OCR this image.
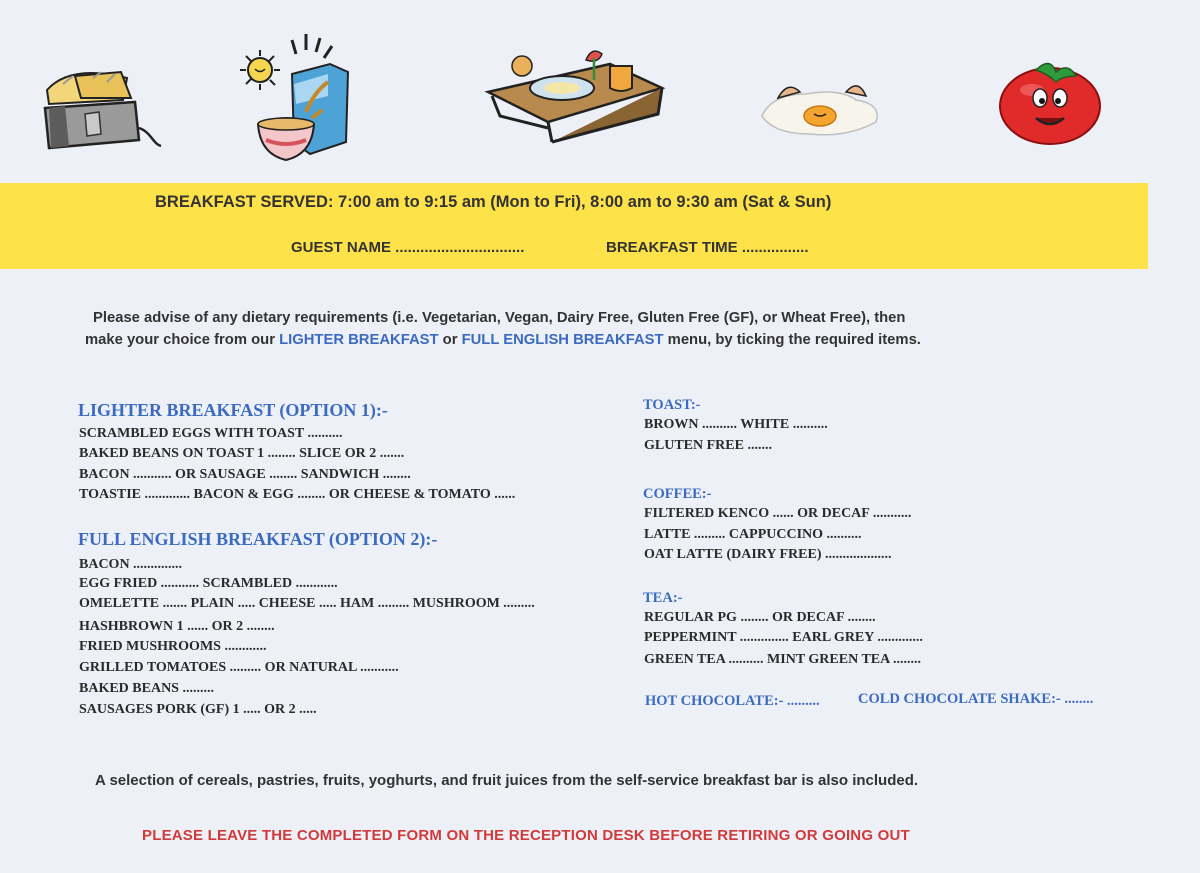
BREAKFAST SERVED: 7:00 am to 9:15 am (Mon to Fri), 8:00 am to 9:30 am (Sat & Sun)
GUEST NAME ...............................	BREAKFAST TIME ................
Please advise of any dietary requirements (i.e. Vegetarian, Vegan, Dairy Free, Gluten Free (GF), or Wheat Free), then
make your choice from our LIGHTER BREAKFAST or FULL ENGLISH BREAKFAST menu, by ticking the required items.
LIGHTER BREAKFAST (OPTION 1):-
SCRAMBLED EGGS WITH TOAST ..........
BAKED BEANS ON TOAST 1 ........ SLICE OR 2 .......
BACON ........... OR SAUSAGE ........ SANDWICH ........
TOASTIE ............. BACON & EGG ........ OR CHEESE & TOMATO ......
FULL ENGLISH BREAKFAST (OPTION 2):-
BACON ..............
EGG FRIED ........... SCRAMBLED ............
OMELETTE ....... PLAIN ..... CHEESE ..... HAM ......... MUSHROOM .........
HASHBROWN 1 ...... OR 2 ........
FRIED MUSHROOMS ............
GRILLED TOMATOES ......... OR NATURAL ...........
BAKED BEANS .........
SAUSAGES PORK (GF) 1 ..... OR 2 .....
TOAST:-
BROWN .......... WHITE ..........
GLUTEN FREE .......
COFFEE:-
FILTERED KENCO ...... OR DECAF ...........
LATTE ......... CAPPUCCINO ..........
OAT LATTE (DAIRY FREE) ...................
TEA:-
REGULAR PG ........ OR DECAF ........
PEPPERMINT .............. EARL GREY .............
GREEN TEA .......... MINT GREEN TEA ........
HOT CHOCOLATE:- .........	COLD CHOCOLATE SHAKE:- ........
A selection of cereals, pastries, fruits, yoghurts, and fruit juices from the self-service breakfast bar is also included.
PLEASE LEAVE THE COMPLETED FORM ON THE RECEPTION DESK BEFORE RETIRING OR GOING OUT
